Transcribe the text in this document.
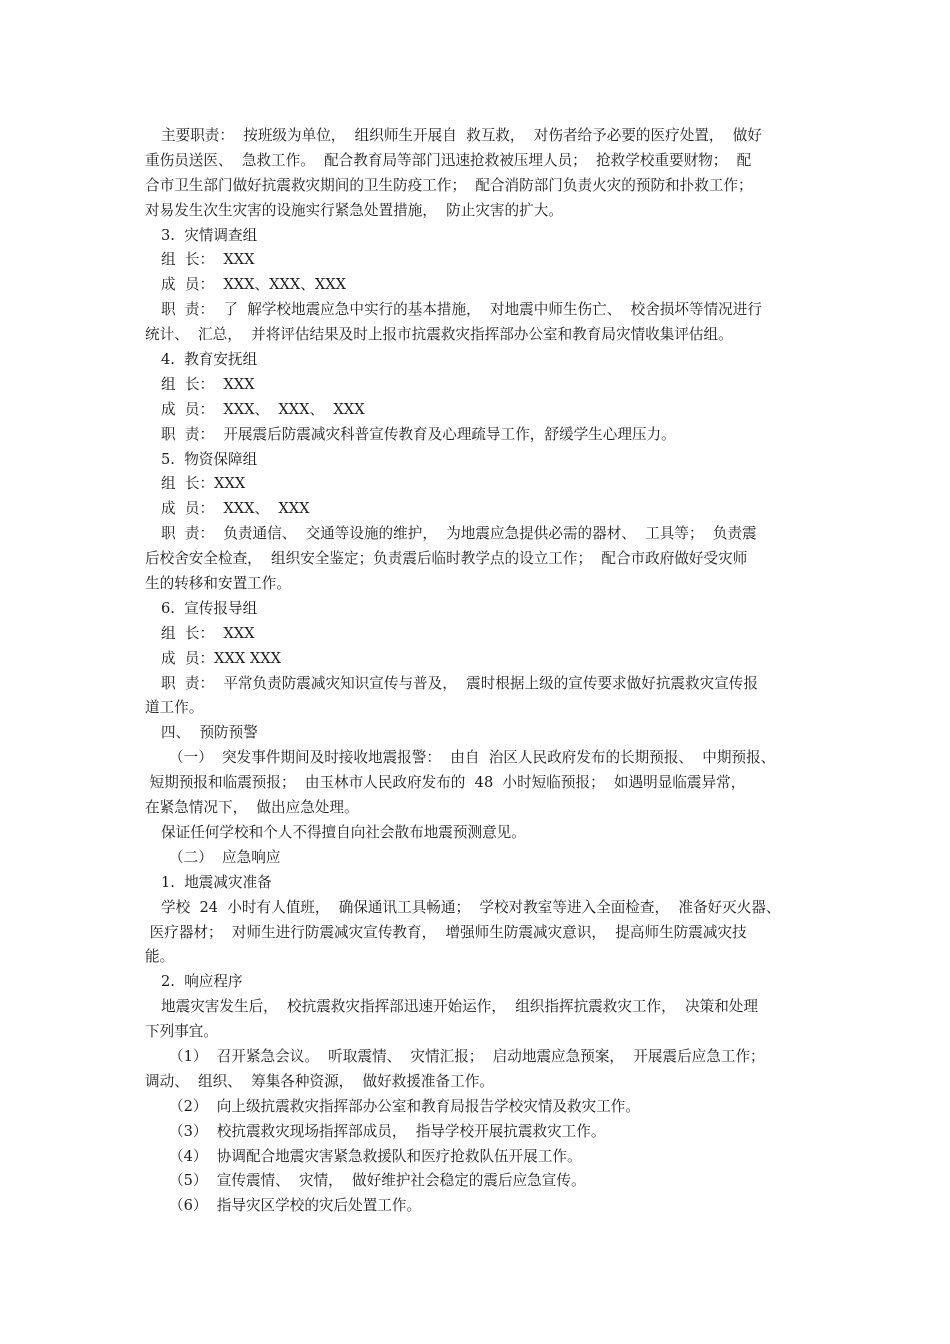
主要职责：  按班级为单位，  组织师生开展自  救互救，  对伤者给予必要的医疗处置，  做好
重伤员送医、  急救工作。  配合教育局等部门迅速抢救被压埋人员；  抢救学校重要财物；  配
合市卫生部门做好抗震救灾期间的卫生防疫工作；  配合消防部门负责火灾的预防和扑救工作；
对易发生次生灾害的设施实行紧急处置措施，  防止灾害的扩大。
3.  灾情调查组
组  长：  XXX
成  员：  XXX、XXX、XXX
职  责：  了  解学校地震应急中实行的基本措施，  对地震中师生伤亡、  校舍损坏等情况进行
统计、  汇总，  并将评估结果及时上报市抗震救灾指挥部办公室和教育局灾情收集评估组。
4.  教育安抚组
组  长：  XXX
成  员：  XXX、  XXX、  XXX
职  责：  开展震后防震减灾科普宣传教育及心理疏导工作，舒缓学生心理压力。
5.  物资保障组
组  长：XXX
成  员：  XXX、  XXX
职  责：  负责通信、  交通等设施的维护，  为地震应急提供必需的器材、  工具等；  负责震
后校舍安全检查，  组织安全鉴定；负责震后临时教学点的设立工作；  配合市政府做好受灾师
生的转移和安置工作。
6.  宣传报导组
组  长：  XXX
成  员：XXX XXX
职  责：  平常负责防震减灾知识宣传与普及，  震时根据上级的宣传要求做好抗震救灾宣传报
道工作。
四、  预防预警
（一）  突发事件期间及时接收地震报警：  由自  治区人民政府发布的长期预报、  中期预报、
短期预报和临震预报；  由玉林市人民政府发布的  48  小时短临预报；  如遇明显临震异常，
在紧急情况下，  做出应急处理。
保证任何学校和个人不得擅自向社会散布地震预测意见。
（二）  应急响应
1.  地震减灾准备
学校  24  小时有人值班，  确保通讯工具畅通；  学校对教室等进入全面检查，  准备好灭火器、
医疗器材；  对师生进行防震减灾宣传教育，  增强师生防震减灾意识，  提高师生防震减灾技
能。
2.  响应程序
地震灾害发生后，  校抗震救灾指挥部迅速开始运作，  组织指挥抗震救灾工作，  决策和处理
下列事宜。
（1）  召开紧急会议。  听取震情、  灾情汇报；  启动地震应急预案，  开展震后应急工作；
调动、  组织、  筹集各种资源，  做好救援准备工作。
（2）  向上级抗震救灾指挥部办公室和教育局报告学校灾情及救灾工作。
（3）  校抗震救灾现场指挥部成员，  指导学校开展抗震救灾工作。
（4）  协调配合地震灾害紧急救援队和医疗抢救队伍开展工作。
（5）  宣传震情、  灾情，  做好维护社会稳定的震后应急宣传。
（6）  指导灾区学校的灾后处置工作。
